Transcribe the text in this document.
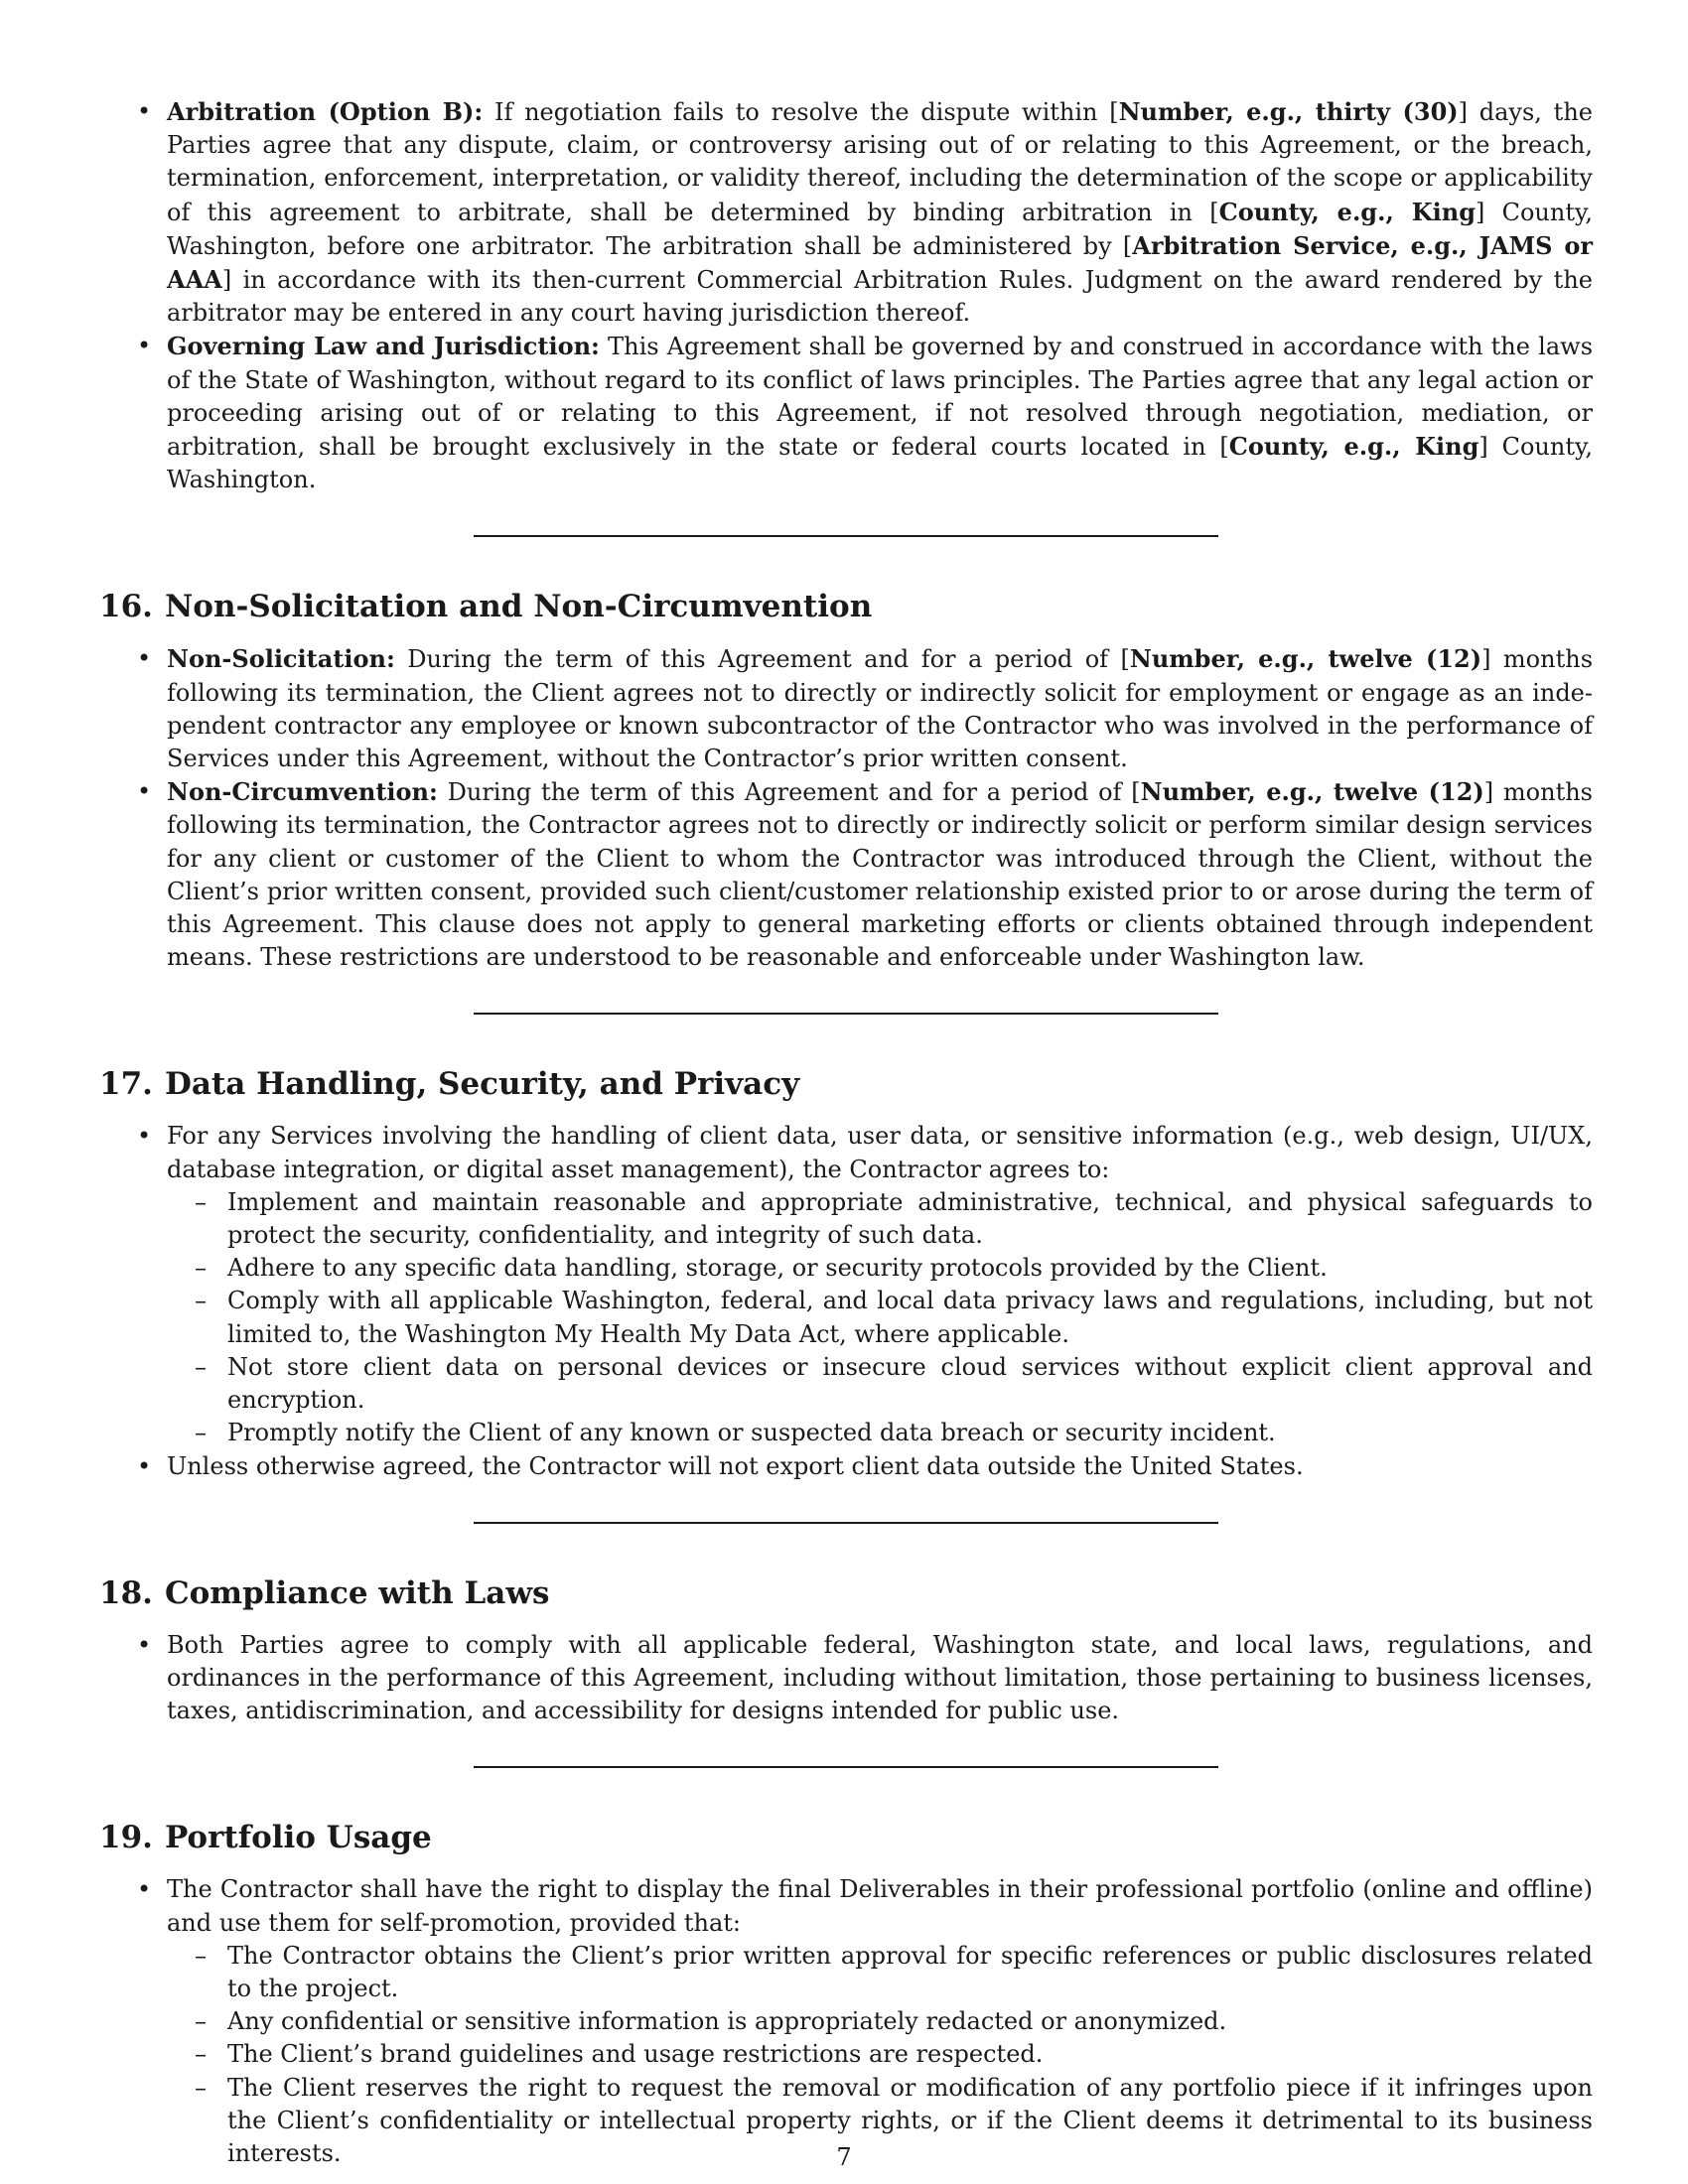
• Arbitration (Option B): If negotiation fails to resolve the dispute within [Number, e.g., thirty (30)] days, the Parties agree that any dispute, claim, or controversy arising out of or relating to this Agreement, or the breach, termination, enforcement, interpretation, or validity thereof, including the determination of the scope or applicability of this agreement to arbitrate, shall be determined by binding arbitration in [County, e.g., King] County, Washington, before one arbitrator. The arbitration shall be administered by [Arbitration Service, e.g., JAMS or AAA] in accordance with its then-current Commercial Arbitration Rules. Judgment on the award rendered by the arbitrator may be entered in any court having jurisdiction thereof.
• Governing Law and Jurisdiction: This Agreement shall be governed by and construed in accordance with the laws of the State of Washington, without regard to its conflict of laws principles. The Parties agree that any legal action or proceeding arising out of or relating to this Agreement, if not resolved through negotiation, mediation, or arbitration, shall be brought exclusively in the state or federal courts located in [County, e.g., King] County, Washington.
16. Non-Solicitation and Non-Circumvention
• Non-Solicitation: During the term of this Agreement and for a period of [Number, e.g., twelve (12)] months following its termination, the Client agrees not to directly or indirectly solicit for employment or engage as an independent contractor any employee or known subcontractor of the Contractor who was involved in the performance of Services under this Agreement, without the Contractor’s prior written consent.
• Non-Circumvention: During the term of this Agreement and for a period of [Number, e.g., twelve (12)] months following its termination, the Contractor agrees not to directly or indirectly solicit or perform similar design services for any client or customer of the Client to whom the Contractor was introduced through the Client, without the Client’s prior written consent, provided such client/customer relationship existed prior to or arose during the term of this Agreement. This clause does not apply to general marketing efforts or clients obtained through independent means. These restrictions are understood to be reasonable and enforceable under Washington law.
17. Data Handling, Security, and Privacy
• For any Services involving the handling of client data, user data, or sensitive information (e.g., web design, UI/UX, database integration, or digital asset management), the Contractor agrees to:
– Implement and maintain reasonable and appropriate administrative, technical, and physical safeguards to protect the security, confidentiality, and integrity of such data.
– Adhere to any specific data handling, storage, or security protocols provided by the Client.
– Comply with all applicable Washington, federal, and local data privacy laws and regulations, including, but not limited to, the Washington My Health My Data Act, where applicable.
– Not store client data on personal devices or insecure cloud services without explicit client approval and encryption.
– Promptly notify the Client of any known or suspected data breach or security incident.
• Unless otherwise agreed, the Contractor will not export client data outside the United States.
18. Compliance with Laws
• Both Parties agree to comply with all applicable federal, Washington state, and local laws, regulations, and ordinances in the performance of this Agreement, including without limitation, those pertaining to business licenses, taxes, antidiscrimination, and accessibility for designs intended for public use.
19. Portfolio Usage
• The Contractor shall have the right to display the final Deliverables in their professional portfolio (online and offline) and use them for self-promotion, provided that:
– The Contractor obtains the Client’s prior written approval for specific references or public disclosures related to the project.
– Any confidential or sensitive information is appropriately redacted or anonymized.
– The Client’s brand guidelines and usage restrictions are respected.
– The Client reserves the right to request the removal or modification of any portfolio piece if it infringes upon the Client’s confidentiality or intellectual property rights, or if the Client deems it detrimental to its business interests.	7
